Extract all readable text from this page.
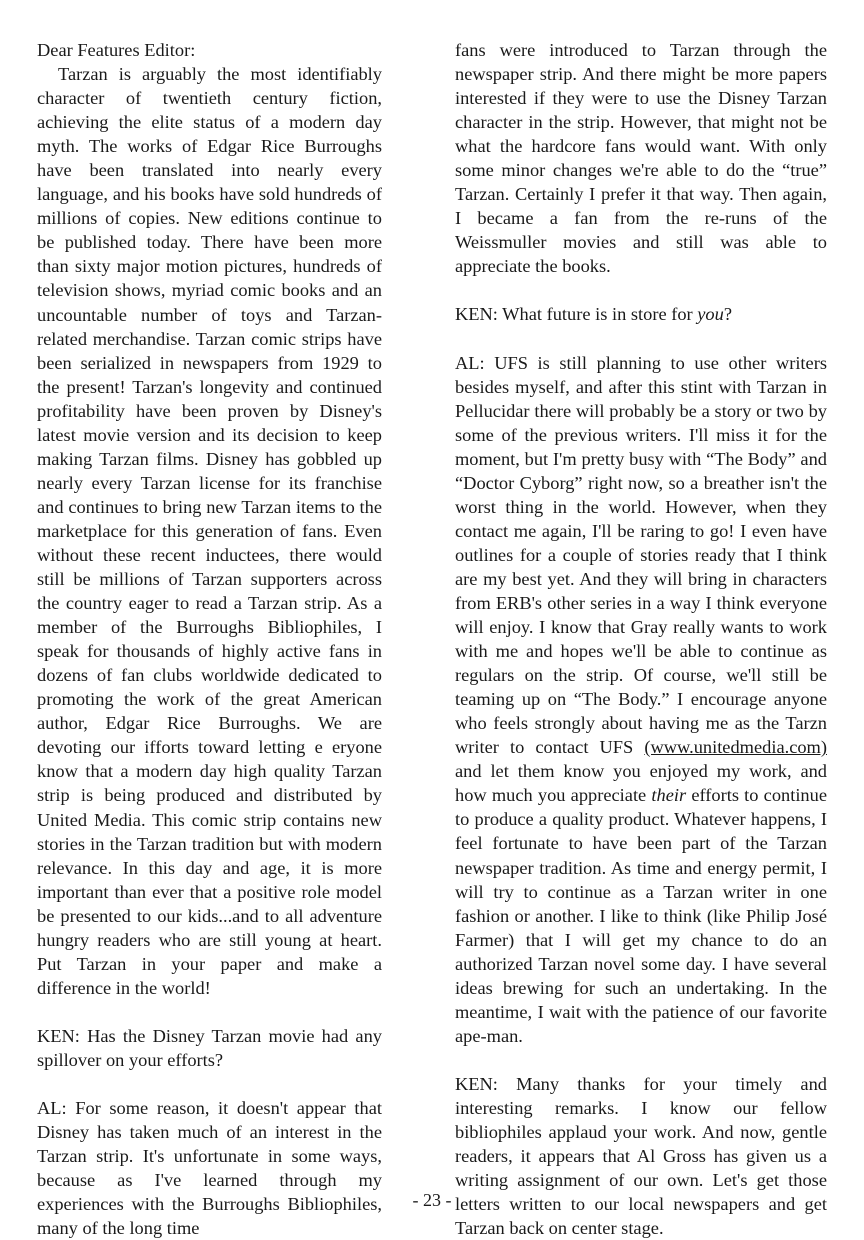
Dear Features Editor:

Tarzan is arguably the most identifiably character of twentieth century fiction, achieving the elite status of a modern day myth. The works of Edgar Rice Burroughs have been translated into nearly every language, and his books have sold hundreds of millions of copies. New editions continue to be published today. There have been more than sixty major motion pictures, hundreds of television shows, myriad comic books and an uncountable number of toys and Tarzan-related merchandise. Tarzan comic strips have been serialized in newspapers from 1929 to the present! Tarzan's longevity and continued profitability have been proven by Disney's latest movie version and its decision to keep making Tarzan films. Disney has gobbled up nearly every Tarzan license for its franchise and continues to bring new Tarzan items to the marketplace for this generation of fans. Even without these recent inductees, there would still be millions of Tarzan supporters across the country eager to read a Tarzan strip. As a member of the Burroughs Bibliophiles, I speak for thousands of highly active fans in dozens of fan clubs worldwide dedicated to promoting the work of the great American author, Edgar Rice Burroughs. We are devoting our ifforts toward letting e eryone know that a modern day high quality Tarzan strip is being produced and distributed by United Media. This comic strip contains new stories in the Tarzan tradition but with modern relevance. In this day and age, it is more important than ever that a positive role model be presented to our kids...and to all adventure hungry readers who are still young at heart. Put Tarzan in your paper and make a difference in the world!

KEN: Has the Disney Tarzan movie had any spillover on your efforts?

AL: For some reason, it doesn't appear that Disney has taken much of an interest in the Tarzan strip. It's unfortunate in some ways, because as I've learned through my experiences with the Burroughs Bibliophiles, many of the long time

fans were introduced to Tarzan through the newspaper strip. And there might be more papers interested if they were to use the Disney Tarzan character in the strip. However, that might not be what the hardcore fans would want. With only some minor changes we're able to do the “true” Tarzan. Certainly I prefer it that way. Then again, I became a fan from the re-runs of the Weissmuller movies and still was able to appreciate the books.

KEN: What future is in store for you?

AL: UFS is still planning to use other writers besides myself, and after this stint with Tarzan in Pellucidar there will probably be a story or two by some of the previous writers. I'll miss it for the moment, but I'm pretty busy with “The Body” and “Doctor Cyborg” right now, so a breather isn't the worst thing in the world. However, when they contact me again, I'll be raring to go! I even have outlines for a couple of stories ready that I think are my best yet. And they will bring in characters from ERB's other series in a way I think everyone will enjoy. I know that Gray really wants to work with me and hopes we'll be able to continue as regulars on the strip. Of course, we'll still be teaming up on “The Body.” I encourage anyone who feels strongly about having me as the Tarzn writer to contact UFS (www.unitedmedia.com) and let them know you enjoyed my work, and how much you appreciate their efforts to continue to produce a quality product. Whatever happens, I feel fortunate to have been part of the Tarzan newspaper tradition. As time and energy permit, I will try to continue as a Tarzan writer in one fashion or another. I like to think (like Philip José Farmer) that I will get my chance to do an authorized Tarzan novel some day. I have several ideas brewing for such an undertaking. In the meantime, I wait with the patience of our favorite ape-man.

KEN: Many thanks for your timely and interesting remarks. I know our fellow bibliophiles applaud your work. And now, gentle readers, it appears that Al Gross has given us a writing assignment of our own. Let's get those letters written to our local newspapers and get Tarzan back on center stage.

- 23 -
